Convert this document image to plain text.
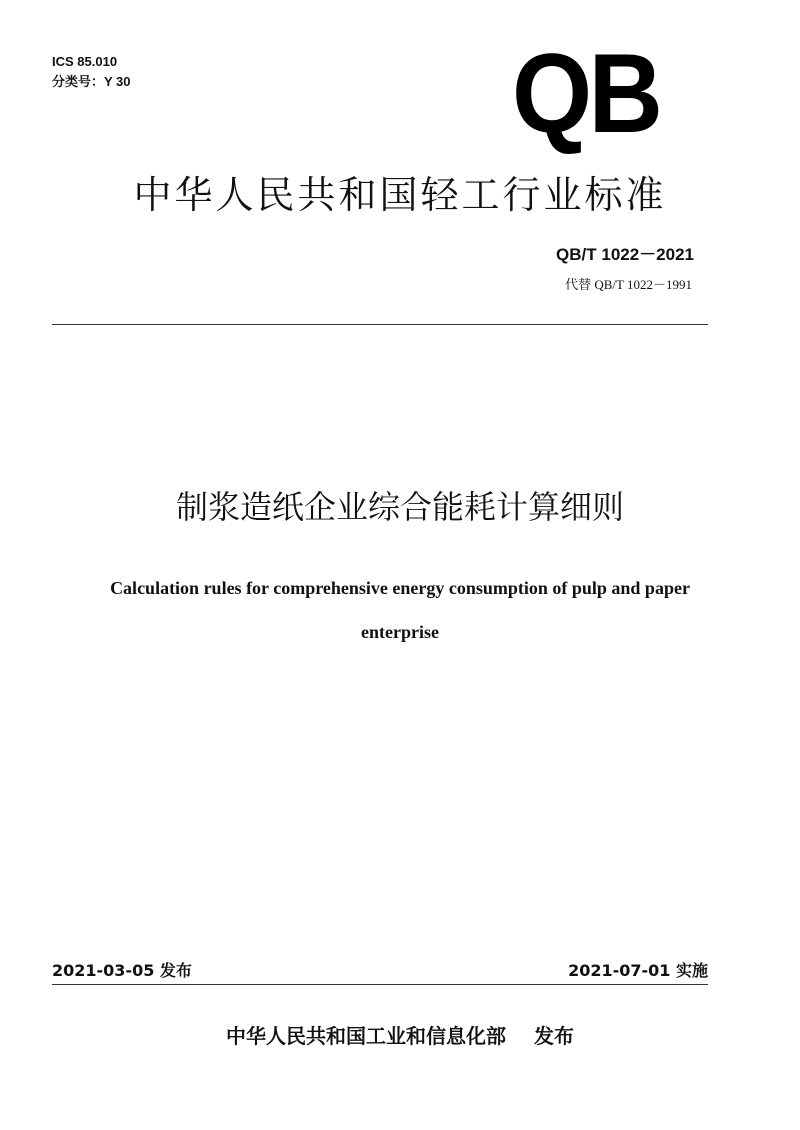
ICS 85.010
分类号：Y 30	QB
中华人民共和国轻工行业标准
QB/T 1022－2021
代替 QB/T 1022－1991
制浆造纸企业综合能耗计算细则
Calculation rules for comprehensive energy consumption of pulp and paper
enterprise
2021-03-05 发布	2021-07-01 实施
中华人民共和国工业和信息化部 发布
